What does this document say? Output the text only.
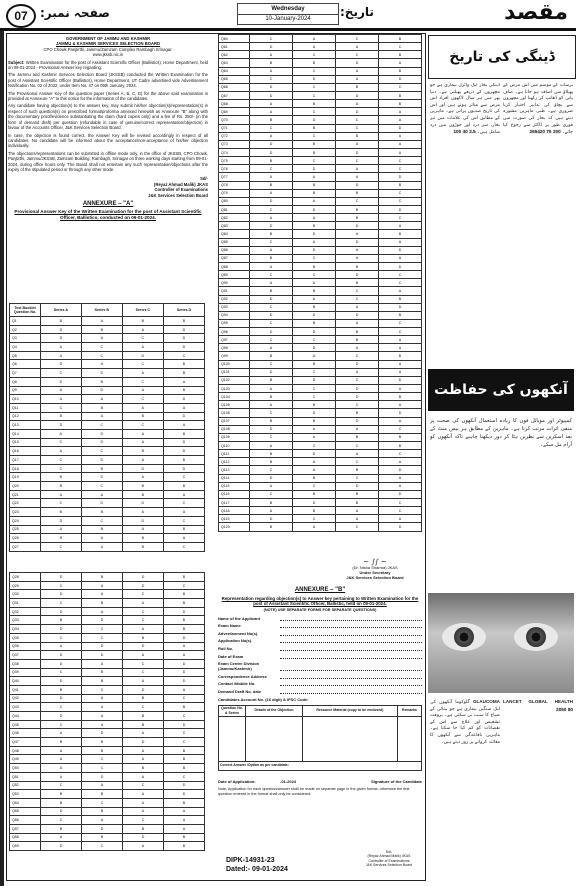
07	صفحہ نمبر:	Wednesday
10-January-2024	تاریخ:	مقصد
GOVERNMENT OF JAMMU AND KASHMIR
JAMMU & KASHMIR SERVICES SELECTION BOARD
CPO Chowk Panjtirthi, Jammu/Zamzam Complex Rambagh Srinagar.
www.jkssb.nic.in

Subject: Written Examination for the post of Assistant Scientific Officer (Ballistics), Home Department, held on 09-01-2024 - Provisional Answer key regarding.

The Jammu and Kashmir Services Selection Board (JKSSB) conducted the Written Examination for the post of Assistant Scientific Officer (Ballistics), Home Department, UT Cadre advertised vide Advertisement Notification No. 02 of 2022, under Item No. 47 on 09th January, 2024.

The Provisional Answer Key of the question paper (Series A, B, C, D) for the above said examination is provided at Annexure "A" to this notice for the information of the candidates.

Any candidate having objection(s) to the answer key, may submit his/her objection(s)/representation(s) in respect of such question(s) on prescribed format/proforma annexed herewith as Annexure "B" along with the documentary proof/evidence substantiating the claim (hard copies only) and a fee of Rs. 250/- (in the form of demand draft) per question (refundable in case of genuine/correct representation/objection) in favour of the Accounts Officer, J&K Services Selection Board.

In case, the objection is found correct, the Answer Key will be revised accordingly in respect of all candidates. No candidate will be informed about the acceptance/non-acceptance of his/her objection individually.

The objections/representations can be submitted in offline mode only, in the office of JKSSB, CPO Chowk, Panjtirthi, Jammu/JKSSB, Zamzam Building, Rambagh, Srinagar on three working days starting from 09-01-2024, during office hours only. The Board shall not entertain any such representation/objections after the expiry of the stipulated period or through any other mode.

Sd/-
(Reyaz Ahmad Malik) JKAS
Controller of Examinations
J&K Services Selection Board
ANNEXURE – "A"
Provisional Answer Key of the Written Examination for the post of Assistant Scientific Officer, Ballistics, conducted on 09-01-2024.
Text Booklet Question No.	Series A	Series B	Series C	Series D
Q1	B	A	B	B
Q2	D	B	A	D
Q3	D	A	C	D
Q4	A	C	A	D
Q5	A	C	D	C
Q6	D	A	C	B
Q7	C	D	A	B
Q8	D	B	C	A
Q9	A	D	A	B
Q10	A	A	C	D
Q11	C	B	A	A
Q12	B	A	B	D
Q13	D	C	C	A
Q14	A	D	A	B
Q15	C	D	A	D
Q16	A	C	B	D
Q17	C	D	A	B
Q18	C	B	D	D
Q19	B	D	A	C
Q20	B	C	B	B
Q21	A	A	B	A
Q22	C	D	D	C
Q23	B	B	A	A
Q24	D	C	D	C
Q25	A	B	A	B
Q26	B	A	B	A
Q27	C	A	B	C
Q28	D	B	D	B
Q29	C	A	D	C
Q30	D	A	C	B
Q31	C	B	A	B
Q32	D	A	C	D
Q33	B	D	C	B
Q34	D	C	A	B
Q35	C	C	B	D
Q36	A	D	D	A
Q37	D	D	A	A
Q38	D	A	C	D
Q39	C	B	C	D
Q40	D	B	A	D
Q41	B	C	D	A
Q42	D	A	B	C
Q43	C	A	C	B
Q44	D	A	B	C
Q45	C	A	B	D
Q46	A	D	A	C
Q47	B	B	D	C
Q48	A	B	A	B
Q49	A	C	A	B
Q50	D	C	B	B
Q51	A	D	A	C
Q52	C	A	C	D
Q53	B	B	A	D
Q54	B	C	A	B
Q55	D	B	A	A
Q56	C	A	C	A
Q57	B	D	B	A
Q58	A	B	D	B
Q59	D	C	A	B
Q60	C	A	C	B
Q61	D	A	A	C
Q62	A	C	C	B
Q63	B	B	D	A
Q64	A	C	A	B
Q65	C	D	A	D
Q66	D	C	B	C
Q67	D	C	D	B
Q68	A	B	A	B
Q69	A	C	D	A
Q70	B	D	C	A
Q71	C	B	C	D
Q72	A	C	B	A
Q73	D	B	A	A
Q74	D	B	D	A
Q75	B	C	C	C
Q76	C	D	A	C
Q77	A	A	A	D
Q78	B	B	D	B
Q79	A	B	B	C
Q80	D	A	C	C
Q81	C	D	B	D
Q82	A	A	B	C
Q83	D	B	D	A
Q84	B	D	A	B
Q85	C	A	D	A
Q86	A	D	A	D
Q87	B	C	A	A
Q88	A	B	B	D
Q89	C	C	D	C
Q90	A	A	B	C
Q91	B	B	C	A
Q92	D	A	C	B
Q93	C	B	A	D
Q94	D	D	D	B
Q95	C	B	A	C
Q96	D	D	B	C
Q97	C	C	B	A
Q98	A	D	A	A
Q99	B	A	C	B
Q100	C	B	D	A
Q101	D	C	A	A
Q102	B	D	C	D
Q103	A	C	D	A
Q104	B	C	D	B
Q105	A	B	C	A
Q106	C	D	B	D
Q107	B	B	D	A
Q108	D	A	A	C
Q109	C	A	B	B
Q110	A	C	C	B
Q111	B	D	A	C
Q112	B	A	C	A
Q113	C	A	B	D
Q114	D	B	C	A
Q115	A	C	D	A
Q116	C	B	B	D
Q117	B	D	B	C
Q118	A	B	A	C
Q119	D	C	A	A
Q120	B	A	C	D
~ ∫∫ ~
(Dr. Nisha Sharma) JKAS
Under Secretary
J&K Services Selection Board
ANNEXURE – "B"
Representation regarding objection(s) to Answer key pertaining to Written Examination for the post of Assistant Scientific Officer, Ballistic, held on 09-01-2024.
(NOTE) USE SEPARATE FORMS FOR SEPARATE QUESTIONS)
Name of the Applicant
Exam Name
Advertisement No(s).
Application No(s).
Roll No.
Date of Exam
Exam Centre Division (Jammu/Kashmir)
Correspondence Address
Contact /Mobile No.
Demand Draft No. date
Candidates Account No. (16 digit) & IFSC Code:
Question No. & Series	Details of the Objection	Resource Material (copy to be enclosed)	Remarks

Correct Answer /Option as per candidate:			
Date of Application:	-01-2024	Signature of the Candidate
Note: Application for each question/answer shall be made on separate page in the given format, otherwise the first question entered in the format shall only be considered.
DIPK-14931-23
Dated:- 09-01-2024
Sd/-
(Reyaz Ahmad Malik) JKAS
Controller of Examinations
J&K Services Selection Board
ڈینگی کی تاریخ
ڈینگی بخار ایک وائرل بیماری ہے جو مچھروں کے ذریعے پھیلتی ہے۔ دنیا بھر میں ہر سال لاکھوں افراد اس مرض سے متاثر ہوتے ہیں اور اس کی تاریخ صدیوں پرانی ہے۔ ماہرین کے مطابق اس کی علامات میں تیز بخار، سر درد اور جوڑوں میں درد شامل ہیں۔ 2.5 40 100
برسات کے موسم میں اس مرض کے پھیلاؤ میں اضافہ ہو جاتا ہے۔ صاف پانی کو ڈھانپ کر رکھنا اور مچھروں سے بچاؤ کی تدابیر اختیار کرنا ضروری ہے۔ طبی ماہرین مشورہ دیتے ہیں کہ بخار کی صورت میں فوری طور پر ڈاکٹر سے رجوع کیا جائے۔ 200 75 265420
آنکھوں کی حفاظت
کمپیوٹر اور موبائل فون کا زیادہ استعمال آنکھوں کی صحت پر منفی اثرات مرتب کرتا ہے۔ ماہرین کے مطابق ہر بیس منٹ کے بعد اسکرین سے نظریں ہٹا کر دور دیکھنا چاہیے تاکہ آنکھوں کو آرام مل سکے۔
GLAUCOMA گلوکوما آنکھوں کی ایک سنگین بیماری ہے جو بینائی کے ضیاع کا سبب بن سکتی ہے۔ بروقت تشخیص اور علاج سے اس کے نقصانات کو کم کیا جا سکتا ہے۔ ماہرین باقاعدگی سے آنکھوں کا معائنہ کروانے پر زور دیتے ہیں۔
LANCET GLOBAL HEALTH 2050 80
